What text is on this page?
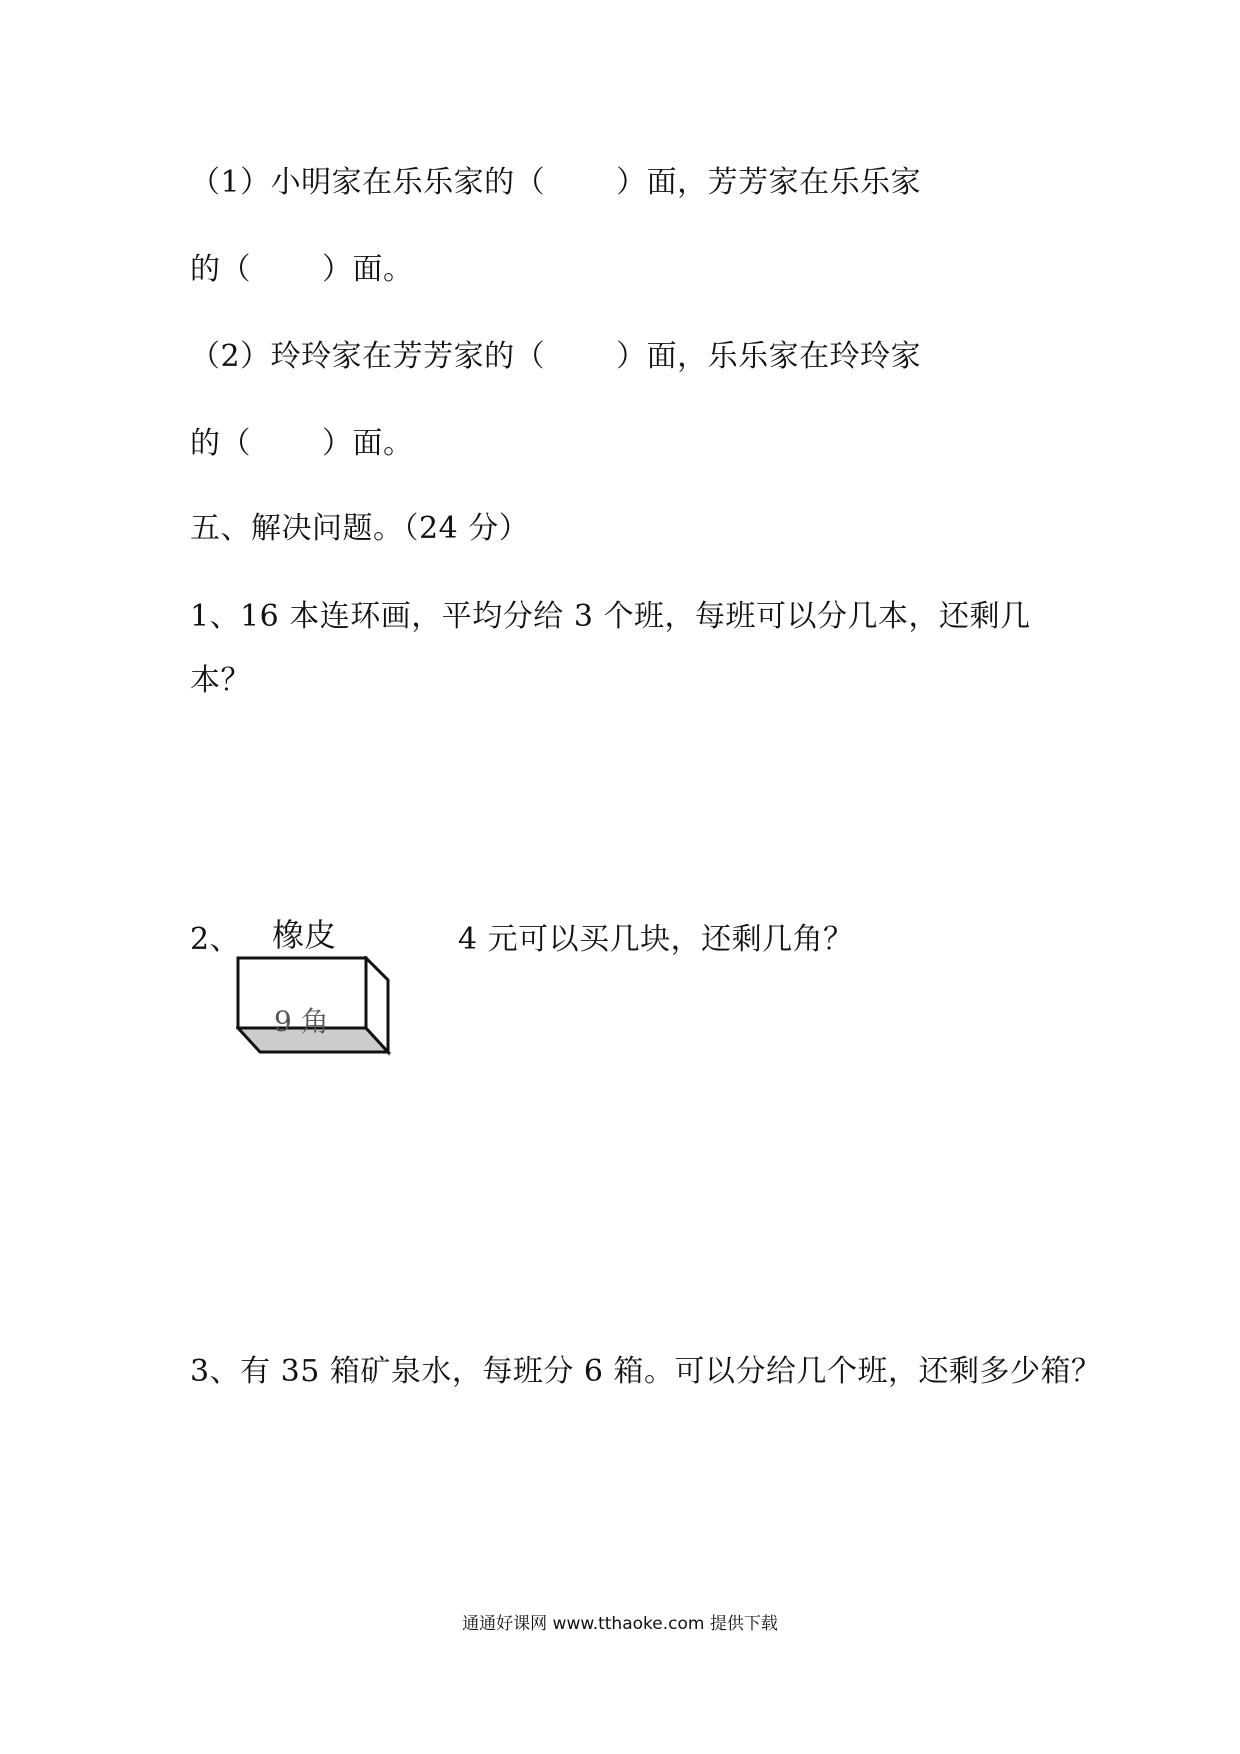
（1）小明家在乐乐家的（　　 ）面，芳芳家在乐乐家
的（　　 ）面。
（2）玲玲家在芳芳家的（　　 ）面，乐乐家在玲玲家
的（　　 ）面。
五、解决问题。（24 分）
1、16 本连环画，平均分给 3 个班，每班可以分几本，还剩几
本？
2、 橡皮
9 角
4 元可以买几块，还剩几角？
3、有 35 箱矿泉水，每班分 6 箱。可以分给几个班，还剩多少箱？
通通好课网 www.tthaoke.com 提供下载
